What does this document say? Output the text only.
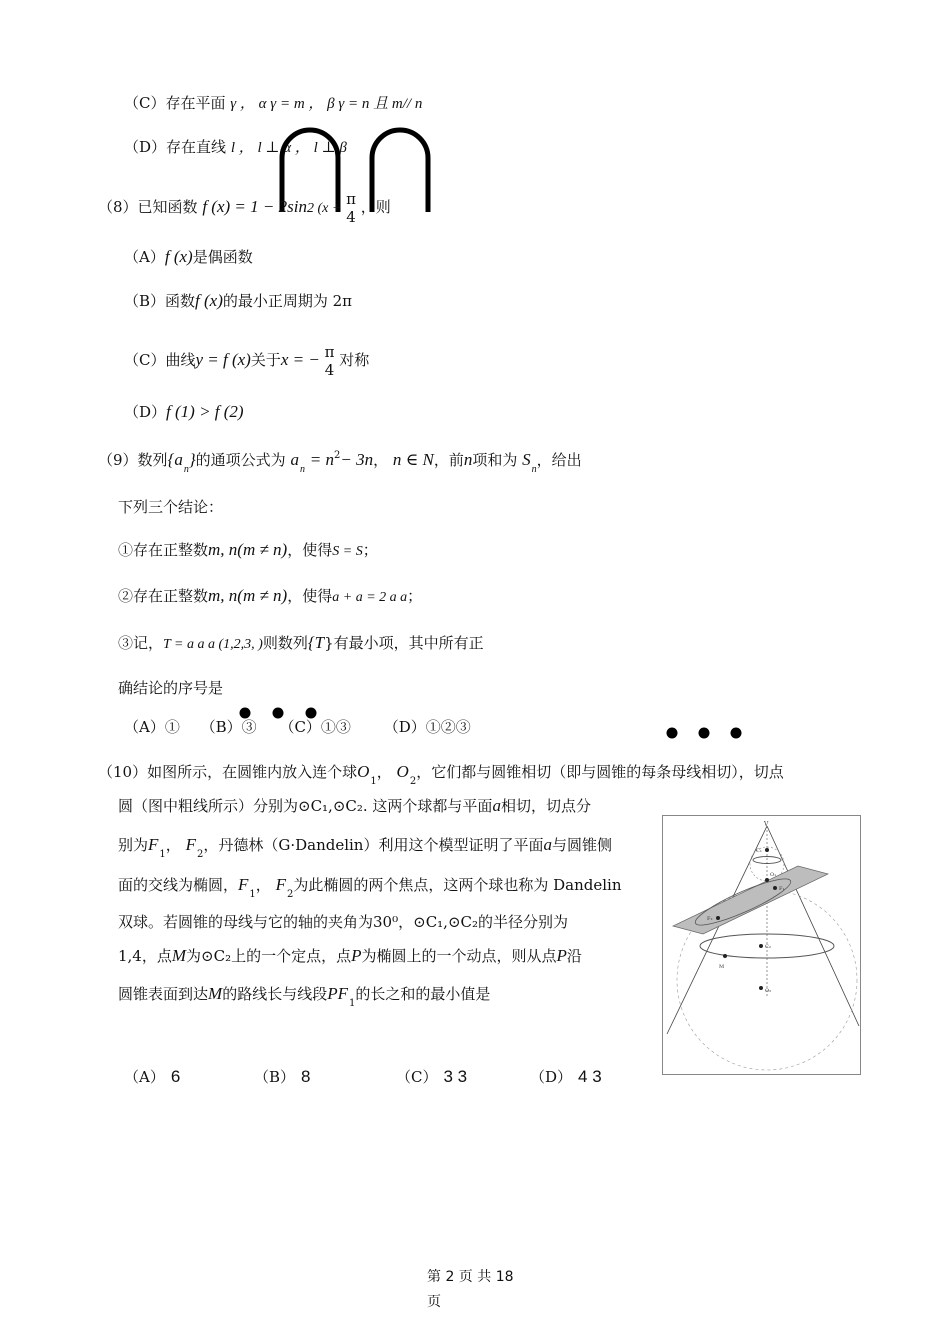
（C）存在平面 γ ， α γ = m ， β γ = n 且 m// n
（D）存在直线 l ， l ⊥ α ， l ⊥ β
（8）已知函数 f (x) = 1 − 2sin2 (x +
π
4
，则
（A）f (x)是偶函数
（B）函数f (x)的最小正周期为 2π
（C）曲线y = f (x)关于x = − π
4
对称
（D）f (1) > f (2)
（9）数列$\{a_n\}$的通项公式为 $a_n = n^2- 3n$， n ∈ N，前n项和为 $S_n$，给出
下列三个结论：
①存在正整数m, n(m ≠ n)，使得S = S；
②存在正整数m, n(m ≠ n)，使得a + a = 2 a a；
③记，T = a a a (1,2,3, )则数列{T}有最小项，其中所有正
确结论的序号是
（A）① （B）③ （C）①③ （D）①②③
（10）如图所示，在圆锥内放入连个球$O_1$， $O_2$，它们都与圆锥相切（即与圆锥的每条母线相切），切点
圆（图中粗线所示）分别为⊙C₁,⊙C₂. 这两个球都与平面a相切，切点分
别为$F_1$， $F_2$，丹德林（G·Dandelin）利用这个模型证明了平面a与圆锥侧
面的交线为椭圆，$F_1$， $F_2$为此椭圆的两个焦点，这两个球也称为 Dandelin
双球。若圆锥的母线与它的轴的夹角为30⁰，⊙C₁,⊙C₂的半径分别为
1,4，点M为⊙C₂上的一个定点，点P为椭圆上的一个动点，则从点P沿
圆锥表面到达M的路线长与线段$PF_1$的长之和的最小值是
（A） 6	（B） 8	（C） 3 3	（D） 4 3
V
C₁
O₁
F₁
F₂
C₂
M
O₂
第 2 页 共 18
页
